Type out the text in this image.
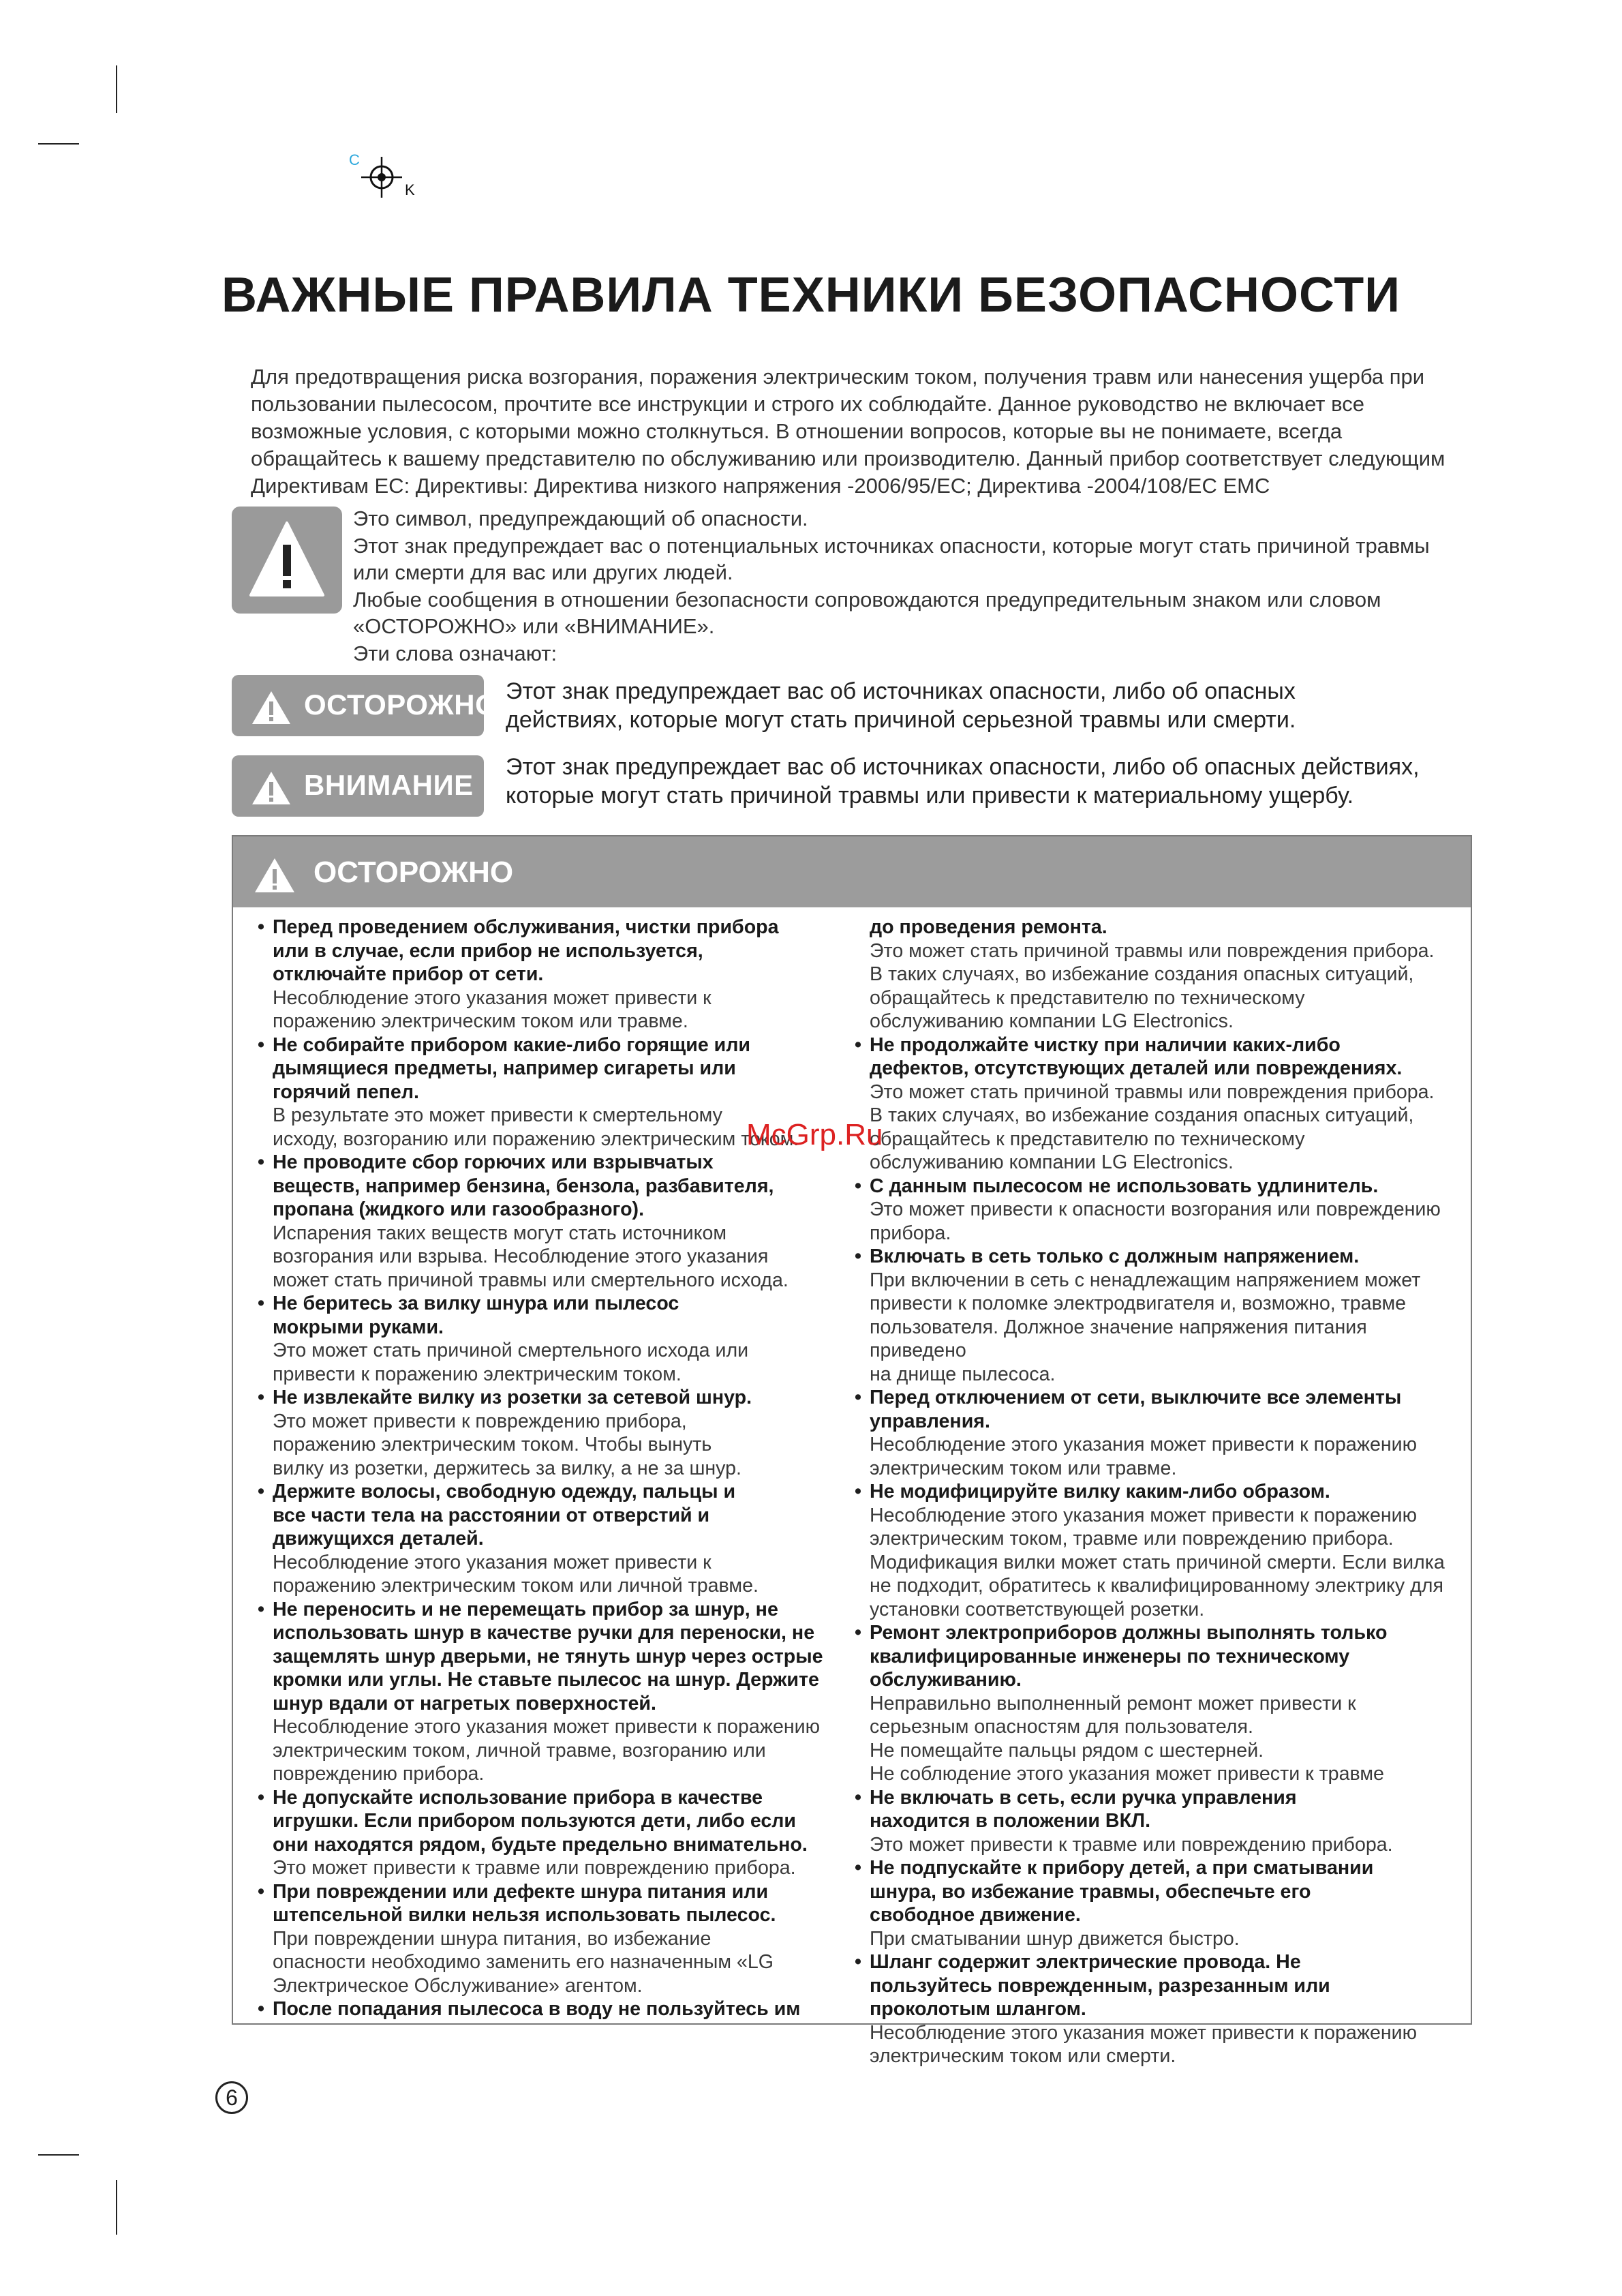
C
K
ВАЖНЫЕ ПРАВИЛА ТЕХНИКИ БЕЗОПАСНОСТИ
Для предотвращения риска возгорания, поражения электрическим током, получения травм или нанесения ущерба при
пользовании пылесосом, прочтите все инструкции и строго их соблюдайте. Данное руководство не включает все
возможные условия, с которыми можно столкнуться. В отношении вопросов, которые вы не понимаете, всегда
обращайтесь к вашему представителю по обслуживанию или производителю. Данный прибор соответствует следующим
Директивам ЕС: Директивы: Директива низкого напряжения -2006/95/ЕС; Директива -2004/108/ЕС EMC
Это символ, предупреждающий об опасности.
Этот знак предупреждает вас о потенциальных источниках опасности, которые могут стать причиной травмы
или смерти для вас или других людей.
Любые сообщения в отношении безопасности сопровождаются предупредительным знаком или словом
«ОСТОРОЖНО» или «ВНИМАНИЕ».
Эти слова означают:
ОСТОРОЖНО Этот знак предупреждает вас об источниках опасности, либо об опасных
действиях, которые могут стать причиной серьезной травмы или смерти.
ВНИМАНИЕ
Этот знак предупреждает вас об источниках опасности, либо об опасных действиях,
которые могут стать причиной травмы или привести к материальному ущербу.
ОСТОРОЖНО
• Перед проведением обслуживания, чистки прибора
или в случае, если прибор не используется,
отключайте прибор от сети.
Несоблюдение этого указания может привести к
поражению электрическим током или травме.
• Не собирайте прибором какие-либо горящие или
дымящиеся предметы, например сигареты или
горячий пепел.
В результате это может привести к смертельному
исходу, возгоранию или поражению электрическим током.
• Не проводите сбор горючих или взрывчатых
веществ, например бензина, бензола, разбавителя,
пропана (жидкого или газообразного).
Испарения таких веществ могут стать источником
возгорания или взрыва. Несоблюдение этого указания
может стать причиной травмы или смертельного исхода.
• Не беритесь за вилку шнура или пылесос
мокрыми руками.
Это может стать причиной смертельного исхода или
привести к поражению электрическим током.
• Не извлекайте вилку из розетки за сетевой шнур.
Это может привести к повреждению прибора,
поражению электрическим током. Чтобы вынуть
вилку из розетки, держитесь за вилку, а не за шнур.
• Держите волосы, свободную одежду, пальцы и
все части тела на расстоянии от отверстий и
движущихся деталей.
Несоблюдение этого указания может привести к
поражению электрическим током или личной травме.
• Не переносить и не перемещать прибор за шнур, не
использовать шнур в качестве ручки для переноски, не
защемлять шнур дверьми, не тянуть шнур через острые
кромки или углы. Не ставьте пылесос на шнур. Держите
шнур вдали от нагретых поверхностей.
Несоблюдение этого указания может привести к поражению
электрическим током, личной травме, возгоранию или
повреждению прибора.
• Не допускайте использование прибора в качестве
игрушки. Если прибором пользуются дети, либо если
они находятся рядом, будьте предельно внимательно.
Это может привести к травме или повреждению прибора.
• При повреждении или дефекте шнура питания или
штепсельной вилки нельзя использовать пылесос.
При повреждении шнура питания, во избежание
опасности необходимо заменить его назначенным «LG
Электрическое Обслуживание» агентом.
• После попадания пылесоса в воду не пользуйтесь им
до проведения ремонта.
Это может стать причиной травмы или повреждения прибора.
В таких случаях, во избежание создания опасных ситуаций,
обращайтесь к представителю по техническому
обслуживанию компании LG Electronics.
• Не продолжайте чистку при наличии каких-либо
дефектов, отсутствующих деталей или повреждениях.
Это может стать причиной травмы или повреждения прибора.
В таких случаях, во избежание создания опасных ситуаций,
обращайтесь к представителю по техническому
обслуживанию компании LG Electronics.
• С данным пылесосом не использовать удлинитель.
Это может привести к опасности возгорания или повреждению прибора.
• Включать в сеть только с должным напряжением.
При включении в сеть с ненадлежащим напряжением может
привести к поломке электродвигателя и, возможно, травме
пользователя. Должное значение напряжения питания приведено
на днище пылесоса.
• Перед отключением от сети, выключите все элементы
управления.
Несоблюдение этого указания может привести к поражению
электрическим током или травме.
• Не модифицируйте вилку каким-либо образом.
Несоблюдение этого указания может привести к поражению
электрическим током, травме или повреждению прибора.
Модификация вилки может стать причиной смерти. Если вилка
не подходит, обратитесь к квалифицированному электрику для
установки соответствующей розетки.
• Ремонт электроприборов должны выполнять только
квалифицированные инженеры по техническому обслуживанию.
Неправильно выполненный ремонт может привести к
серьезным опасностям для пользователя.
Не помещайте пальцы рядом с шестерней.
Не соблюдение этого указания может привести к травме
• Не включать в сеть, если ручка управления
находится в положении ВКЛ.
Это может привести к травме или повреждению прибора.
• Не подпускайте к прибору детей, а при сматывании
шнура, во избежание травмы, обеспечьте его
свободное движение.
При сматывании шнур движется быстро.
• Шланг содержит электрические провода. Не
пользуйтесь поврежденным, разрезанным или
проколотым шлангом.
Несоблюдение этого указания может привести к поражению
электрическим током или смерти.
McGrp.Ru
6
